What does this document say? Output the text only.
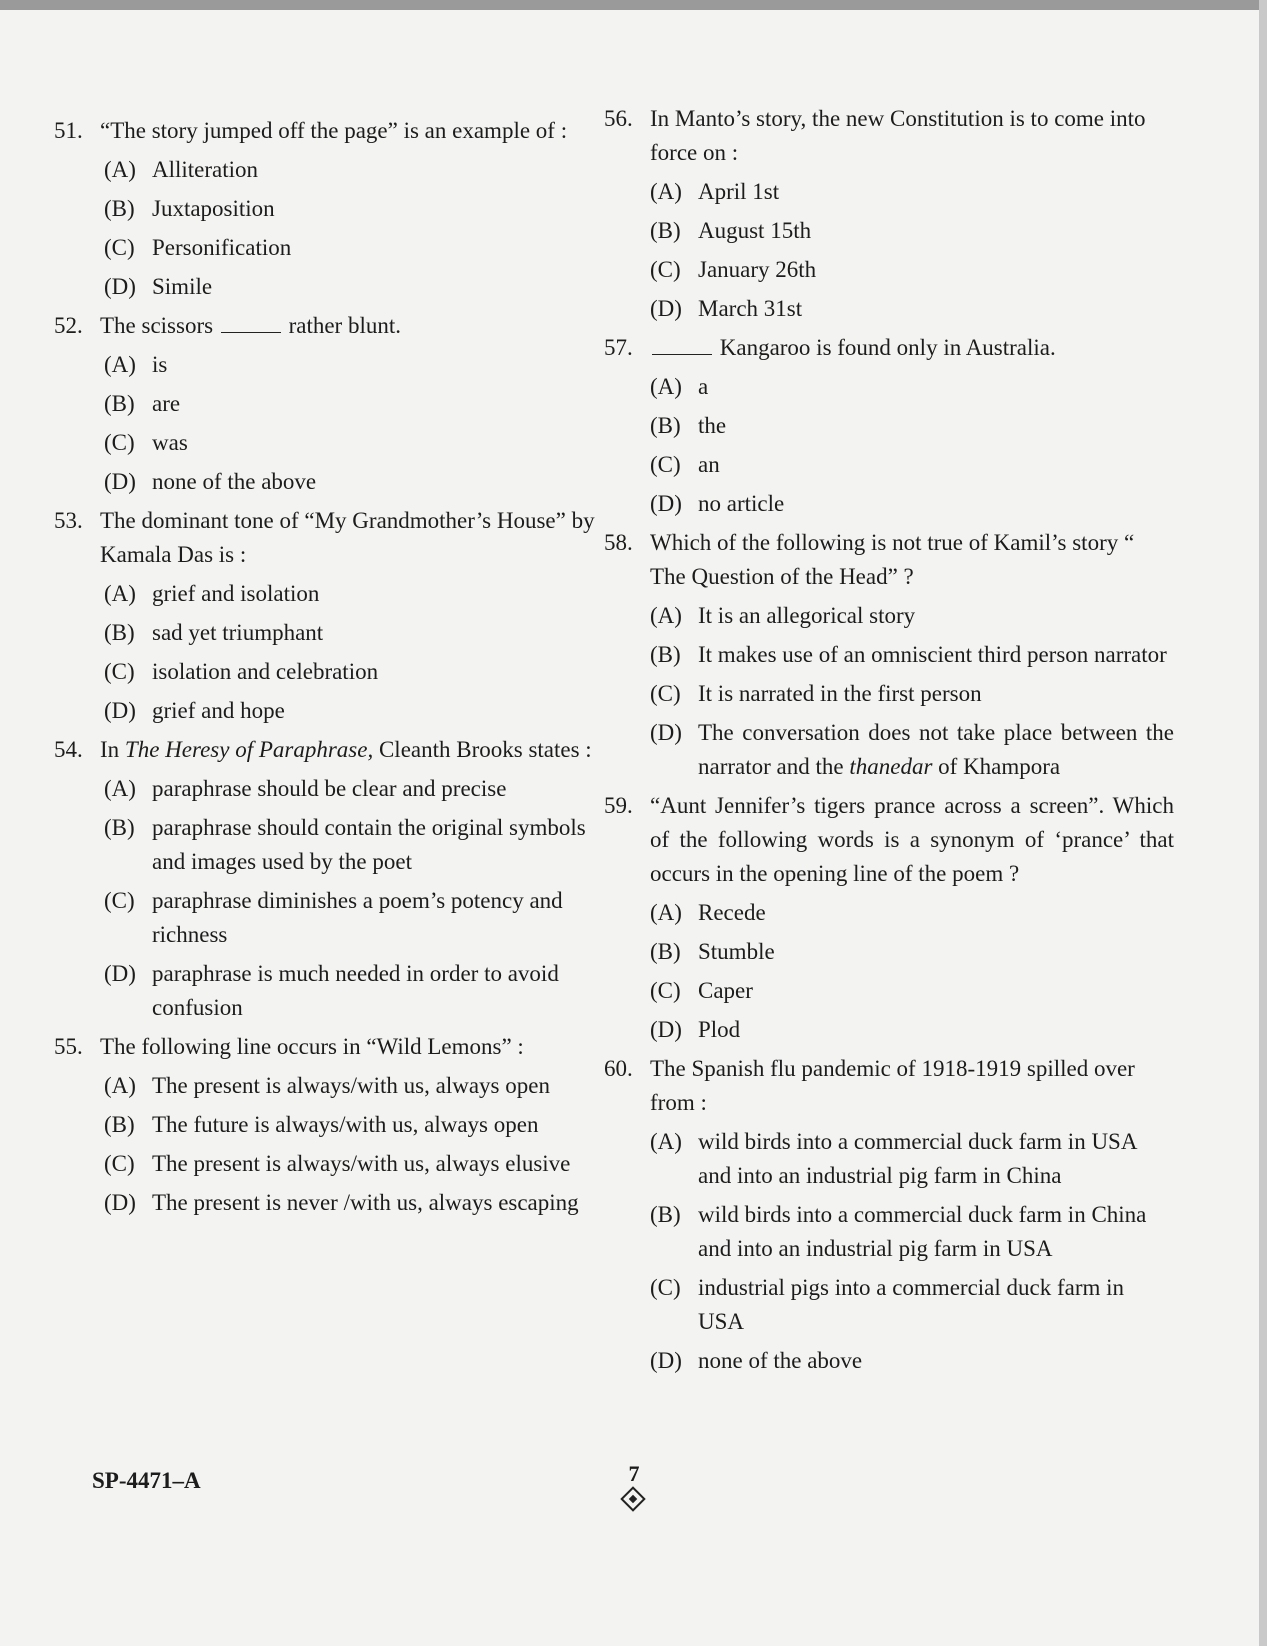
51. “The story jumped off the page” is an example of :
(A) Alliteration
(B) Juxtaposition
(C) Personification
(D) Simile
52. The scissors	rather blunt.
(A) is
(B) are
(C) was
(D) none of the above
53. The dominant tone of “My Grandmother’s House” by Kamala Das is :
(A) grief and isolation
(B) sad yet triumphant
(C) isolation and celebration
(D) grief and hope
54. In The Heresy of Paraphrase, Cleanth Brooks states :
(A) paraphrase should be clear and precise
(B) paraphrase should contain the original symbols and images used by the poet
(C) paraphrase diminishes a poem’s potency and richness
(D) paraphrase is much needed in order to avoid confusion
55. The following line occurs in “Wild Lemons” :
(A) The present is always/with us, always open
(B) The future is always/with us, always open
(C) The present is always/with us, always elusive
(D) The present is never /with us, always escaping
56. In Manto’s story, the new Constitution is to come into force on :
(A) April 1st
(B) August 15th
(C) January 26th
(D) March 31st
57.	Kangaroo is found only in Australia.
(A) a
(B) the
(C) an
(D) no article
58. Which of the following is not true of Kamil’s story “ The Question of the Head” ?
(A) It is an allegorical story
(B) It makes use of an omniscient third person narrator
(C) It is narrated in the first person
(D) The conversation does not take place between the narrator and the thanedar of Khampora
59. “Aunt Jennifer’s tigers prance across a screen”. Which of the following words is a synonym of ‘prance’ that occurs in the opening line of the poem ?
(A) Recede
(B) Stumble
(C) Caper
(D) Plod
60. The Spanish flu pandemic of 1918-1919 spilled over from :
(A) wild birds into a commercial duck farm in USA and into an industrial pig farm in China
(B) wild birds into a commercial duck farm in China and into an industrial pig farm in USA
(C) industrial pigs into a commercial duck farm in USA
(D) none of the above
SP-4471–A	7
